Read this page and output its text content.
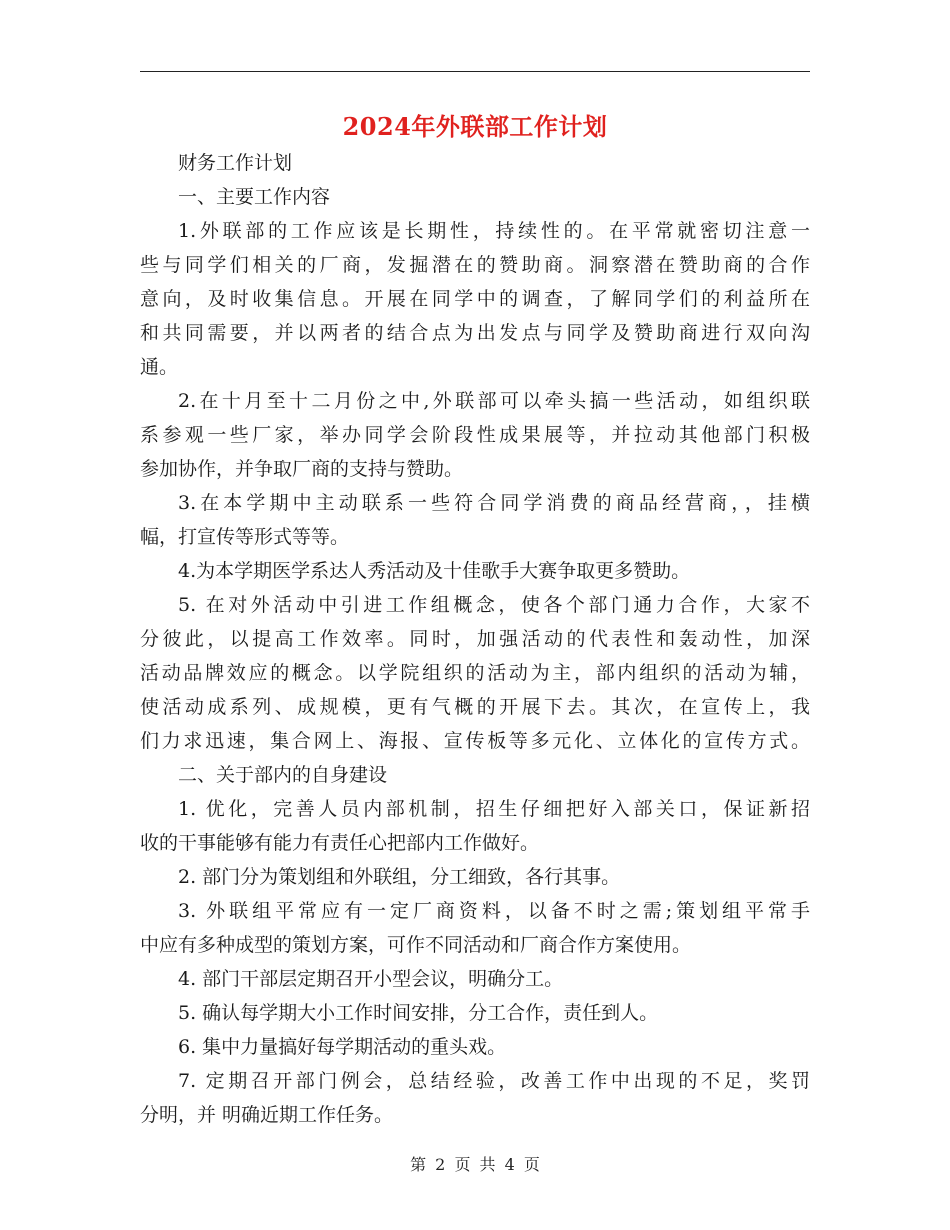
2024年外联部工作计划
财务工作计划
一、主要工作内容
1.外联部的工作应该是长期性，持续性的。在平常就密切注意一
些与同学们相关的厂商，发掘潜在的赞助商。洞察潜在赞助商的合作
意向，及时收集信息。开展在同学中的调查，了解同学们的利益所在
和共同需要，并以两者的结合点为出发点与同学及赞助商进行双向沟
通。
2.在十月至十二月份之中,外联部可以牵头搞一些活动，如组织联
系参观一些厂家，举办同学会阶段性成果展等，并拉动其他部门积极
参加协作，并争取厂商的支持与赞助。
3.在本学期中主动联系一些符合同学消费的商品经营商，，挂横
幅，打宣传等形式等等。
4.为本学期医学系达人秀活动及十佳歌手大赛争取更多赞助。
5. 在对外活动中引进工作组概念，使各个部门通力合作，大家不
分彼此，以提高工作效率。同时，加强活动的代表性和轰动性，加深
活动品牌效应的概念。以学院组织的活动为主，部内组织的活动为辅，
使活动成系列、成规模，更有气概的开展下去。其次，在宣传上，我
们力求迅速，集合网上、海报、宣传板等多元化、立体化的宣传方式。
二、关于部内的自身建设
1. 优化，完善人员内部机制，招生仔细把好入部关口，保证新招
收的干事能够有能力有责任心把部内工作做好。
2. 部门分为策划组和外联组，分工细致，各行其事。
3. 外联组平常应有一定厂商资料，以备不时之需;策划组平常手
中应有多种成型的策划方案，可作不同活动和厂商合作方案使用。
4. 部门干部层定期召开小型会议，明确分工。
5. 确认每学期大小工作时间安排，分工合作，责任到人。
6. 集中力量搞好每学期活动的重头戏。
7. 定期召开部门例会，总结经验，改善工作中出现的不足，奖罚
分明，并 明确近期工作任务。
第 2 页 共 4 页
